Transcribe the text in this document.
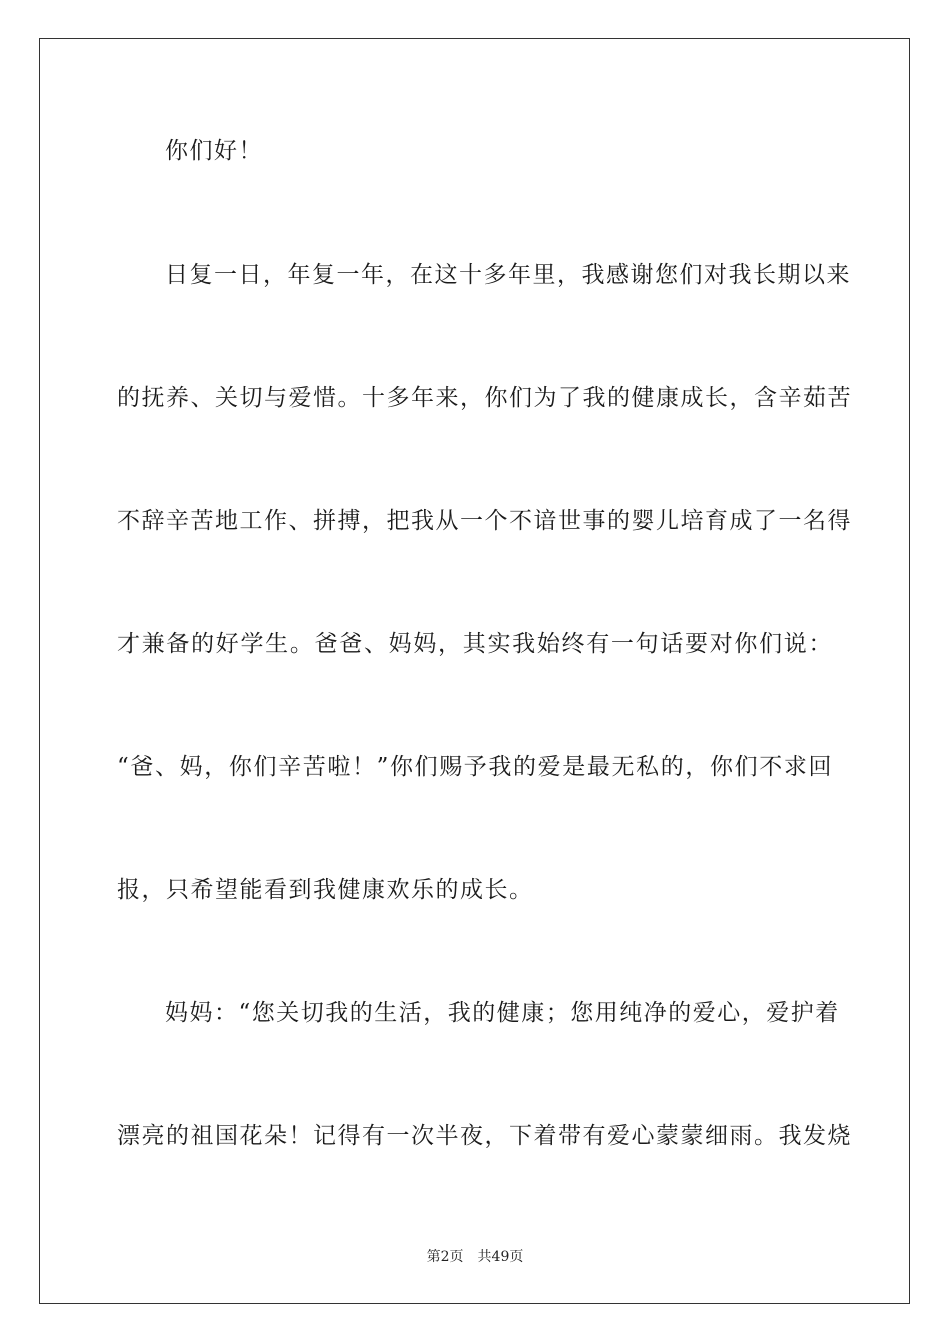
你们好！
日复一日，年复一年，在这十多年里，我感谢您们对我长期以来
的抚养、关切与爱惜。十多年来，你们为了我的健康成长，含辛茹苦
不辞辛苦地工作、拼搏，把我从一个不谙世事的婴儿培育成了一名得
才兼备的好学生。爸爸、妈妈，其实我始终有一句话要对你们说：
“爸、妈，你们辛苦啦！”你们赐予我的爱是最无私的，你们不求回
报，只希望能看到我健康欢乐的成长。
妈妈：“您关切我的生活，我的健康；您用纯净的爱心，爱护着
漂亮的祖国花朵！记得有一次半夜，下着带有爱心蒙蒙细雨。我发烧
第2页 共49页
